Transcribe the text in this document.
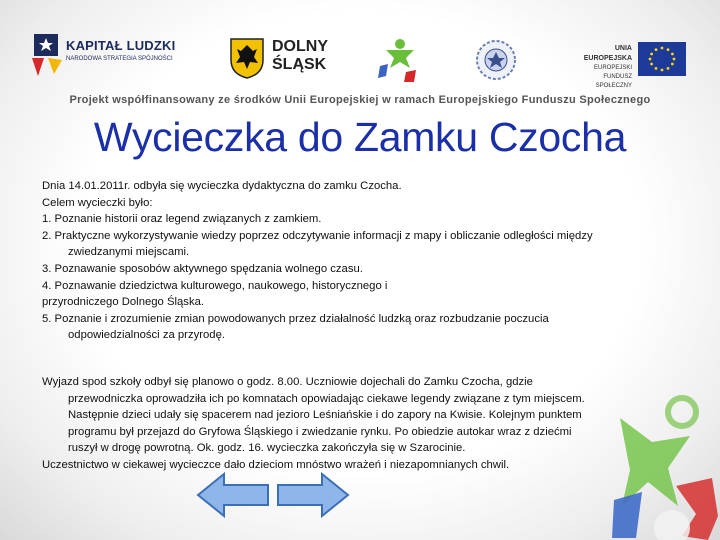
KAPITAŁ LUDZKI
NARODOWA STRATEGIA SPÓJNOŚCI
DOLNY
ŚLĄSK
UNIA EUROPEJSKA
EUROPEJSKI
FUNDUSZ SPOŁECZNY
Projekt współfinansowany ze środków Unii Europejskiej w ramach Europejskiego Funduszu Społecznego
Wycieczka do Zamku Czocha

Dnia 14.01.2011r. odbyła się wycieczka dydaktyczna do zamku Czocha.

Celem wycieczki było:

1. Poznanie historii oraz legend związanych z zamkiem.

2. Praktyczne wykorzystywanie wiedzy poprzez odczytywanie informacji z mapy i obliczanie odległości między

zwiedzanymi miejscami.

3. Poznawanie sposobów aktywnego spędzania wolnego czasu.

4. Poznawanie dziedzictwa kulturowego, naukowego, historycznego i

przyrodniczego Dolnego Śląska.

5. Poznanie i zrozumienie zmian powodowanych przez działalność ludzką oraz rozbudzanie poczucia

odpowiedzialności za przyrodę.

Wyjazd spod szkoły odbył się planowo o godz. 8.00. Uczniowie dojechali do Zamku Czocha, gdzie

przewodniczka oprowadziła ich po komnatach opowiadając ciekawe legendy związane z tym miejscem.

Następnie dzieci udały się spacerem nad jezioro Leśniańskie i do zapory na Kwisie. Kolejnym punktem

programu był przejazd do Gryfowa Śląskiego i zwiedzanie rynku. Po obiedzie autokar wraz z dziećmi

ruszył w drogę powrotną. Ok. godz. 16. wycieczka zakończyła się w Szarocinie.

Uczestnictwo w ciekawej wycieczce dało dzieciom mnóstwo wrażeń i niezapomnianych chwil.
